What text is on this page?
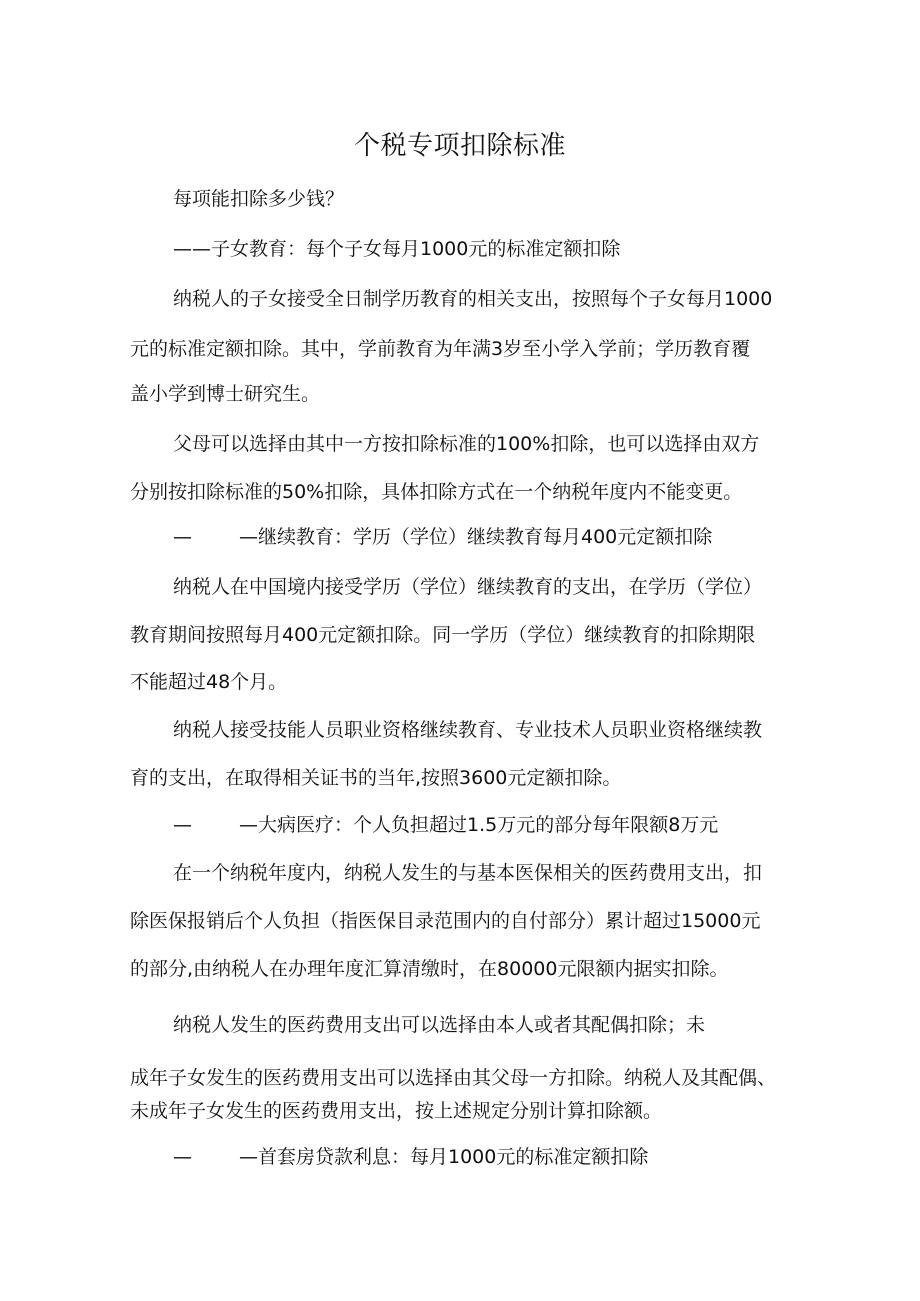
个税专项扣除标准

每项能扣除多少钱？

——子女教育：每个子女每月1000元的标准定额扣除

纳税人的子女接受全日制学历教育的相关支出，按照每个子女每月1000

元的标准定额扣除。其中，学前教育为年满3岁至小学入学前；学历教育覆

盖小学到博士研究生。

父母可以选择由其中一方按扣除标准的100%扣除，也可以选择由双方

分别按扣除标准的50%扣除，具体扣除方式在一个纳税年度内不能变更。

— —继续教育：学历（学位）继续教育每月400元定额扣除

纳税人在中国境内接受学历（学位）继续教育的支出，在学历（学位）

教育期间按照每月400元定额扣除。同一学历（学位）继续教育的扣除期限

不能超过48个月。

纳税人接受技能人员职业资格继续教育、专业技术人员职业资格继续教

育的支出，在取得相关证书的当年,按照3600元定额扣除。

— —大病医疗：个人负担超过1.5万元的部分每年限额8万元

在一个纳税年度内，纳税人发生的与基本医保相关的医药费用支出，扣

除医保报销后个人负担（指医保目录范围内的自付部分）累计超过15000元

的部分,由纳税人在办理年度汇算清缴时，在80000元限额内据实扣除。

纳税人发生的医药费用支出可以选择由本人或者其配偶扣除；未

成年子女发生的医药费用支出可以选择由其父母一方扣除。纳税人及其配偶、

未成年子女发生的医药费用支出，按上述规定分别计算扣除额。

— —首套房贷款利息：每月1000元的标准定额扣除
